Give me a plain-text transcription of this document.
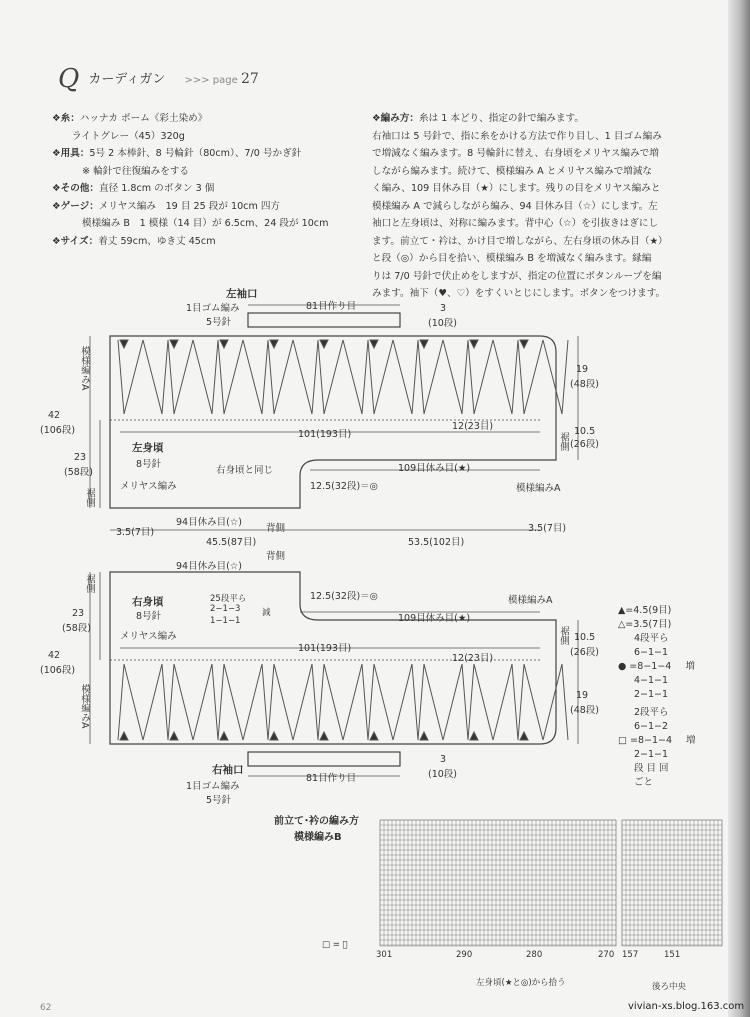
Q $^{カーディガン}$ $^{>>> page 27}$
❖糸：ハッナカ ポーム《彩土染め》
ライトグレー（45）320g
❖用具：5号 2 本棒針、8 号輪針（80cm）、7/0 号かぎ針
※ 輪針で往復編みをする
❖その他：直径 1.8cm のボタン 3 個
❖ゲージ：メリヤス編み　19 目 25 段が 10cm 四方
模様編み B　1 模様（14 目）が 6.5cm、24 段が 10cm
❖サイズ：着丈 59cm、ゆき丈 45cm
❖編み方：糸は 1 本どり、指定の針で編みます。
右袖口は 5 号針で、指に糸をかける方法で作り目し、1 目ゴム編み
で増減なく編みます。8 号輪針に替え、右身頃をメリヤス編みで増
しながら編みます。続けて、模様編み A とメリヤス編みで増減な
く編み、109 目休み目（★）にします。残りの目をメリヤス編みと
模様編み A で減らしながら編み、94 目休み目（☆）にします。左
袖口と左身頃は、対称に編みます。背中心（☆）を引抜きはぎにし
ます。前立て・衿は、かけ目で増しながら、左右身頃の休み目（★）
と段（◎）から目を拾い、模様編み B を増減なく編みます。縁編
りは 7/0 号針で伏止めをしますが、指定の位置にボタンループを編
みます。袖下（♥、♡）をすくいとじにします。ボタンをつけます。
左袖口
1目ゴム編み
5号針
81目作り目	3
(10段)
模様編みA
42
(106段)
23
(58段)
裾側
19
(48段)
10.5
(26段)
裾側
101(193目)
12(23目)
左身頃
8号針
右身頃と同じ
メリヤス編み
109目休み目(★)
12.5(32段)＝◎	模様編みA
94目休み目(☆)
背側
3.5(7目)
45.5(87目)	53.5(102目)
3.5(7目)
94目休み目(☆)
背側
裾側
23
(58段)
42
(106段)
模様編みA
右身頃
8号針
メリヤス編み
25段平ら
2−1−3
1−1−1
減
12.5(32段)＝◎
109目休み目(★)
模様編みA
101(193目)
12(23目)
裾側 10.5
(26段)
19
(48段)
3
(10段)
81目作り目
右袖口
1目ゴム編み
5号針
▲=4.5(9目)
△=3.5(7目)
4段平ら
6−1−1
● =8−1−4 増
4−1−1
2−1−1
2段平ら
6−1−2
□ =8−1−4 増
2−1−1
段 目 回
ごと
前立て･衿の編み方
模様編みB
□ = ⃞
301	290	280	270 157	151
左身頃(★と◎)から拾う	後ろ中央
62	vivian-xs.blog.163.com
